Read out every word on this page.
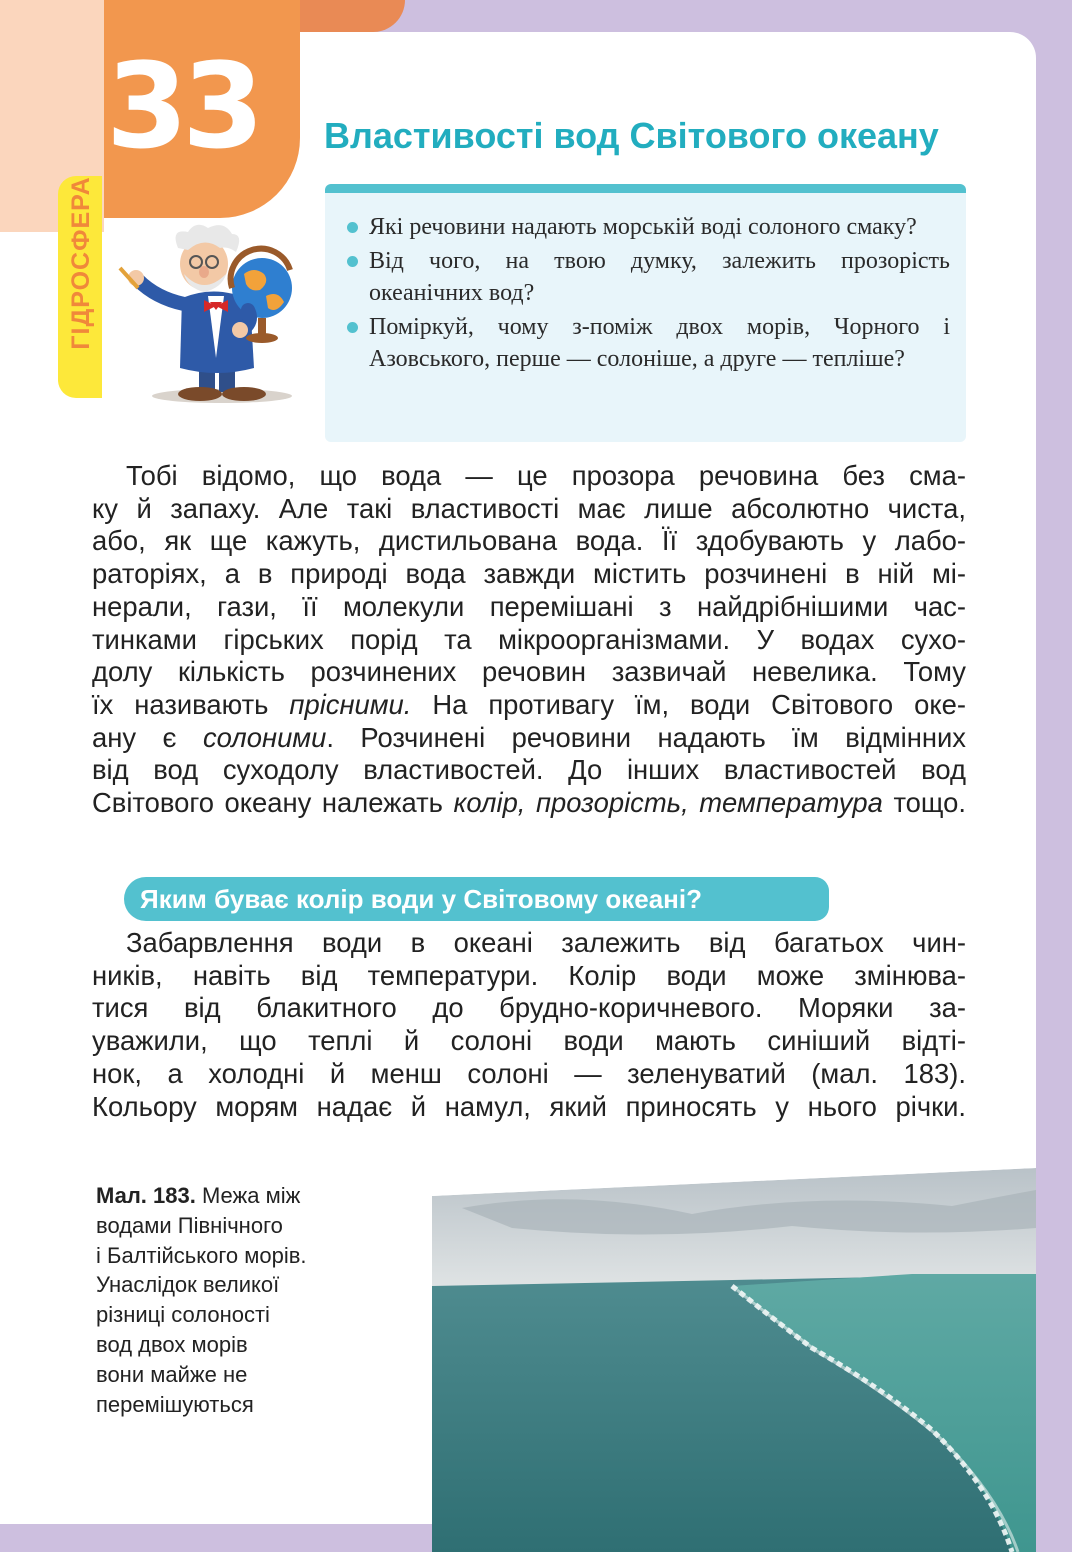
33
ГІДРОСФЕРА
Властивості вод Світового океану
Які речовини надають морській воді солоного смаку?
Від чого, на твою думку, залежить прозорість океанічних вод?
Поміркуй, чому з-поміж двох морів, Чорного і Азовського, перше — солоніше, а друге — тепліше?
Тобі відомо, що вода — це прозора речовина без сма-
ку й запаху. Але такі властивості має лише абсолютно чиста,
або, як ще кажуть, дистильована вода. Її здобувають у лабо-
раторіях, а в природі вода завжди містить розчинені в ній мі-
нерали, гази, її молекули перемішані з найдрібнішими час-
тинками гірських порід та мікроорганізмами. У водах сухо-
долу кількість розчинених речовин зазвичай невелика. Тому
їх називають прісними. На противагу їм, води Світового оке-
ану є солоними. Розчинені речовини надають їм відмінних
від вод суходолу властивостей. До інших властивостей вод
Світового океану належать колір, прозорість, температура тощо.
Яким буває колір води у Світовому океані?
Забарвлення води в океані залежить від багатьох чин-
ників, навіть від температури. Колір води може змінюва-
тися від блакитного до брудно-коричневого. Моряки за-
уважили, що теплі й солоні води мають синіший відті-
нок, а холодні й менш солоні — зеленуватий (мал. 183).
Кольору морям надає й намул, який приносять у нього річки.
Мал. 183. Межа між
водами Північного
і Балтійського морів.
Унаслідок великої
різниці солоності
вод двох морів
вони майже не
перемішуються
